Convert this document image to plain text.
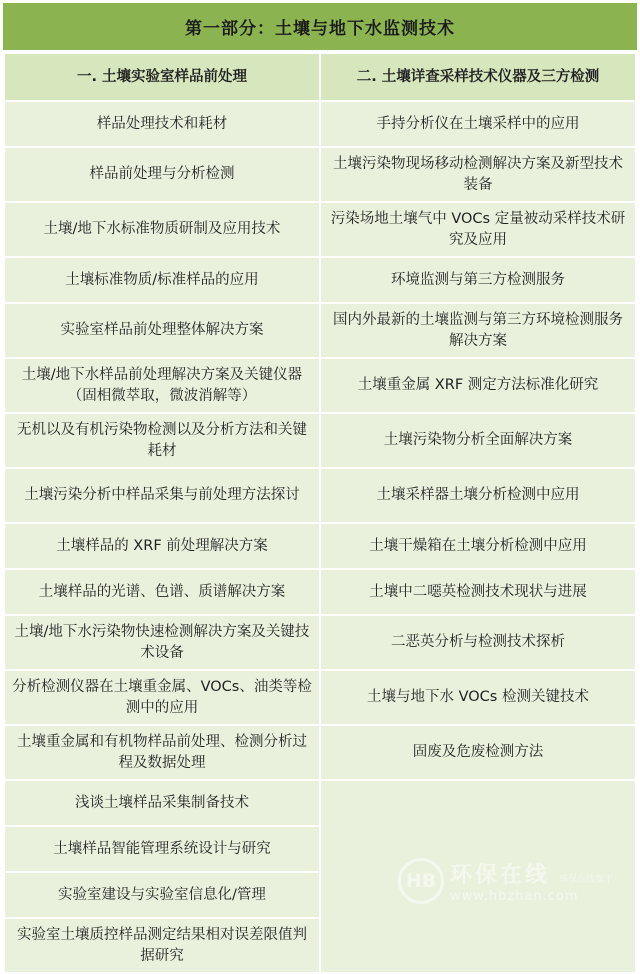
第一部分：土壤与地下水监测技术
一. 土壤实验室样品前处理	二. 土壤详查采样技术仪器及三方检测
样品处理技术和耗材	手持分析仪在土壤采样中的应用
样品前处理与分析检测	土壤污染物现场移动检测解决方案及新型技术装备
土壤/地下水标准物质研制及应用技术	污染场地土壤气中 VOCs 定量被动采样技术研究及应用
土壤标准物质/标准样品的应用	环境监测与第三方检测服务
实验室样品前处理整体解决方案	国内外最新的土壤监测与第三方环境检测服务解决方案
土壤/地下水样品前处理解决方案及关键仪器（固相微萃取，微波消解等）	土壤重金属 XRF 测定方法标准化研究
无机以及有机污染物检测以及分析方法和关键耗材	土壤污染物分析全面解决方案
土壤污染分析中样品采集与前处理方法探讨	土壤采样器土壤分析检测中应用
土壤样品的 XRF 前处理解决方案	土壤干燥箱在土壤分析检测中应用
土壤样品的光谱、色谱、质谱解决方案	土壤中二噁英检测技术现状与进展
土壤/地下水污染物快速检测解决方案及关键技术设备	二恶英分析与检测技术探析
分析检测仪器在土壤重金属、VOCs、油类等检测中的应用	土壤与地下水 VOCs 检测关键技术
土壤重金属和有机物样品前处理、检测分析过程及数据处理	固废及危废检测方法
浅谈土壤样品采集制备技术	
土壤样品智能管理系统设计与研究	
实验室建设与实验室信息化/管理	
实验室土壤质控样品测定结果相对误差限值判据研究	
HB 环保在线 环保在线旗下
www.hbzhan.com
